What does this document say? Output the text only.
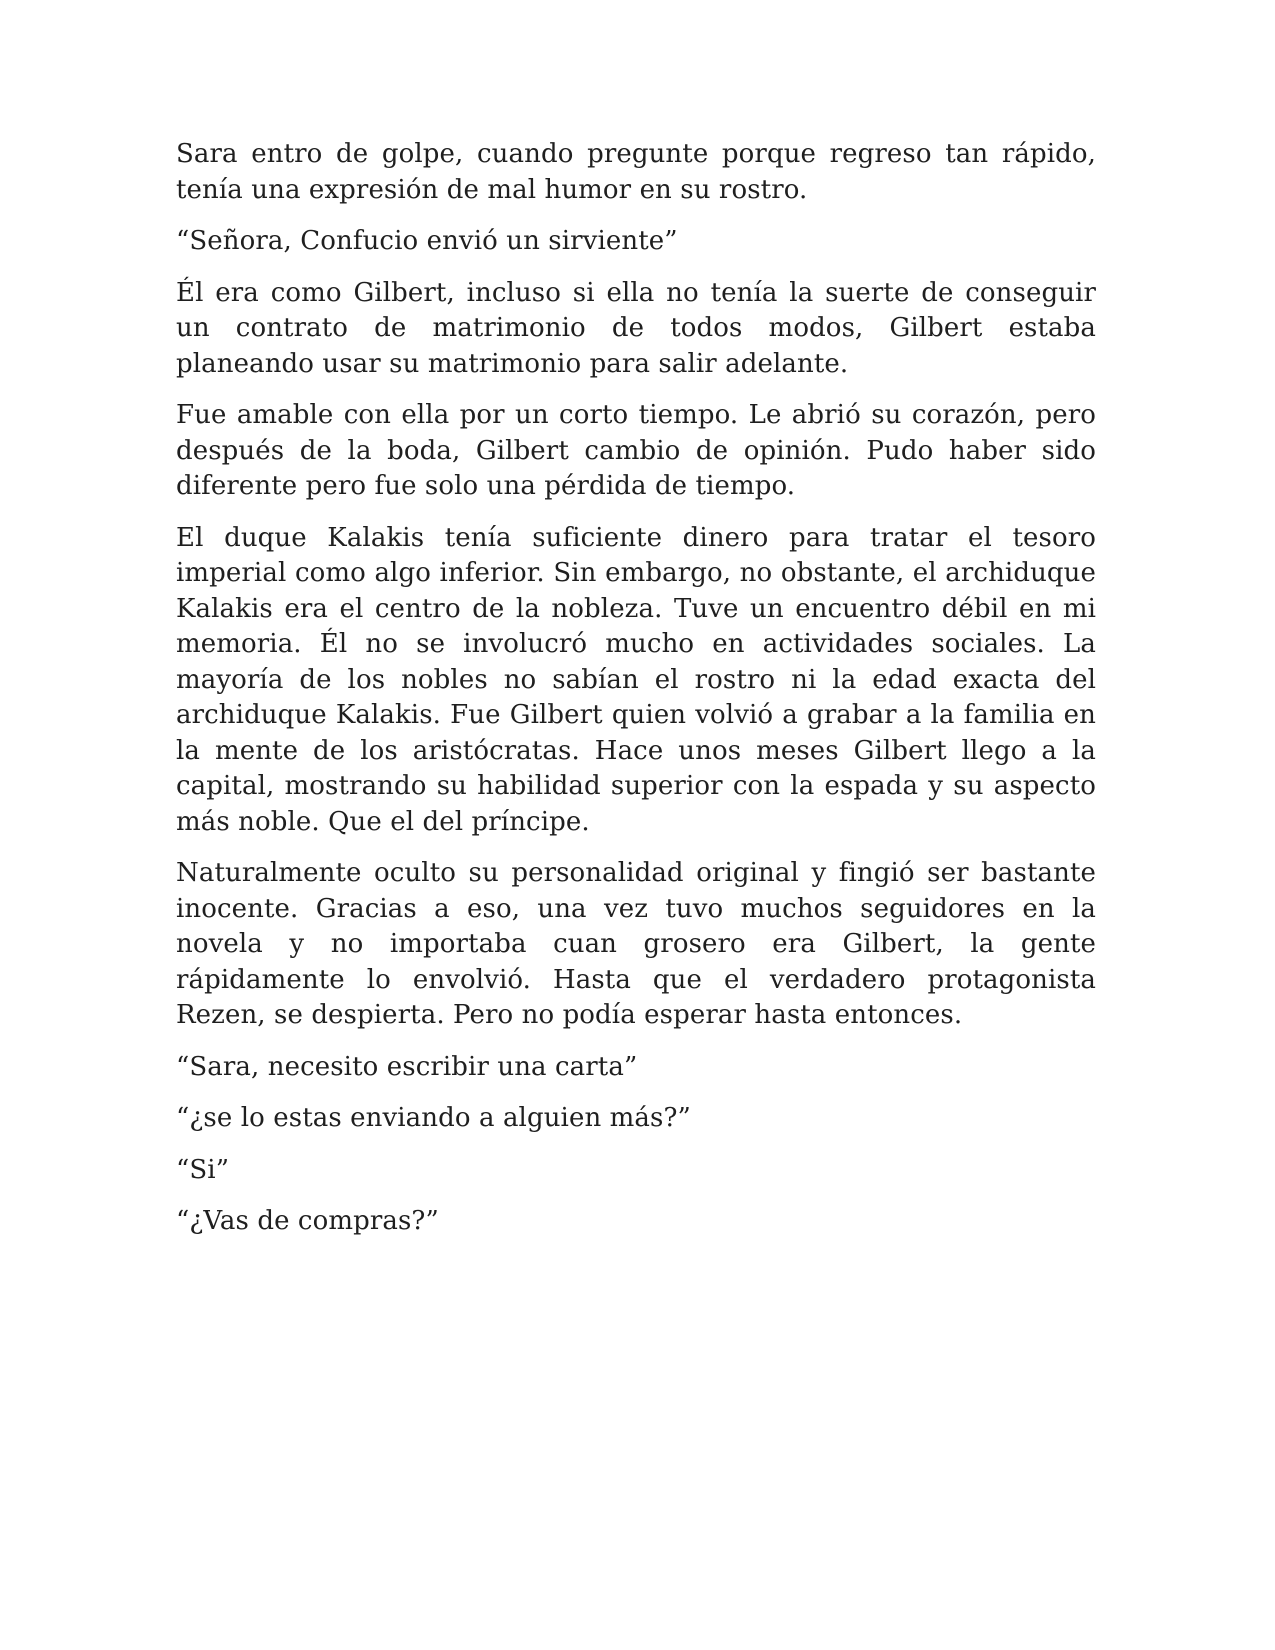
Sara entro de golpe, cuando pregunte porque regreso tan rápido, tenía una expresión de mal humor en su rostro.

“Señora, Confucio envió un sirviente”

Él era como Gilbert, incluso si ella no tenía la suerte de conseguir un contrato de matrimonio de todos modos, Gilbert estaba planeando usar su matrimonio para salir adelante.

Fue amable con ella por un corto tiempo. Le abrió su corazón, pero después de la boda, Gilbert cambio de opinión. Pudo haber sido diferente pero fue solo una pérdida de tiempo.

El duque Kalakis tenía suficiente dinero para tratar el tesoro imperial como algo inferior. Sin embargo, no obstante, el archiduque Kalakis era el centro de la nobleza. Tuve un encuentro débil en mi memoria. Él no se involucró mucho en actividades sociales. La mayoría de los nobles no sabían el rostro ni la edad exacta del archiduque Kalakis. Fue Gilbert quien volvió a grabar a la familia en la mente de los aristócratas. Hace unos meses Gilbert llego a la capital, mostrando su habilidad superior con la espada y su aspecto más noble. Que el del príncipe.

Naturalmente oculto su personalidad original y fingió ser bastante inocente. Gracias a eso, una vez tuvo muchos seguidores en la novela y no importaba cuan grosero era Gilbert, la gente rápidamente lo envolvió. Hasta que el verdadero protagonista Rezen, se despierta. Pero no podía esperar hasta entonces.

“Sara, necesito escribir una carta”

“¿se lo estas enviando a alguien más?”

“Si”

“¿Vas de compras?”
